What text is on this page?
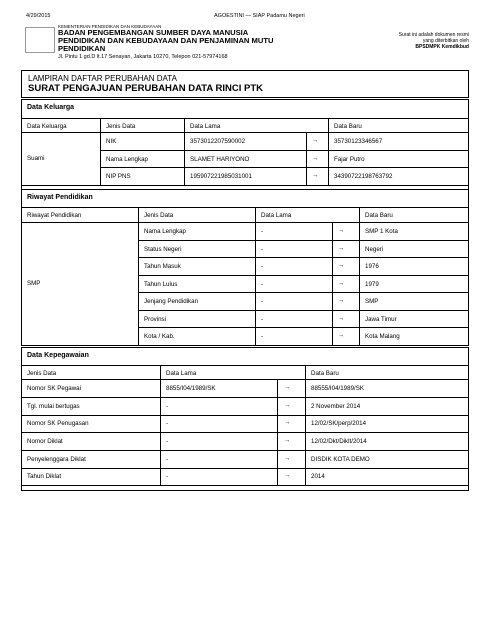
4/29/2015	AGOESTINI — SIAP Padamu Negeri
KEMENTERIAN PENDIDIKAN DAN KEBUDAYAAN
BADAN PENGEMBANGAN SUMBER DAYA MANUSIA
PENDIDIKAN DAN KEBUDAYAAN DAN PENJAMINAN MUTU
PENDIDIKAN
Jl. Pintu 1 gd.D lt.17 Senayan, Jakarta 10270, Telepon 021-57974168
Surat ini adalah dokumen resmi
yang diterbitkan oleh
BPSDMPK Kemdikbud
LAMPIRAN DAFTAR PERUBAHAN DATA
SURAT PENGAJUAN PERUBAHAN DATA RINCI PTK
Data Keluarga
Data Keluarga	Jenis Data	Data Lama	Data Baru
Suami
NIK	3573012207590002	→	35730123346567
Nama Lengkap	SLAMET HARIYONO	→	Fajar Putro
NIP PNS	195907221985031001	→	34390722198763792
Riwayat Pendidikan
Riwayat Pendidikan	Jenis Data	Data Lama	Data Baru
SMP
Nama Lengkap	-	→	SMP 1 Kota
Status Negeri	-	→	Negeri
Tahun Masuk	-	→	1976
Tahun Lulus	-	→	1979
Jenjang Pendidikan	-	→	SMP
Provinsi	-	→	Jawa Timur
Kota / Kab.	-	→	Kota Malang
Data Kepegawaian
Jenis Data	Data Lama	Data Baru
Nomor SK Pegawai	8855/I04/1989/SK	→	88555/I04/1989/SK
Tgl. mulai bertugas	-	→	2 November 2014
Nomor SK Penugasan	-	→	12/02/SK/perp/2014
Nomor Diklat	-	→	12/02/Dkt/Diklt/2014
Penyelenggara Diklat	-	→	DISDIK KOTA DEMO
Tahun Diklat	-	→	2014
